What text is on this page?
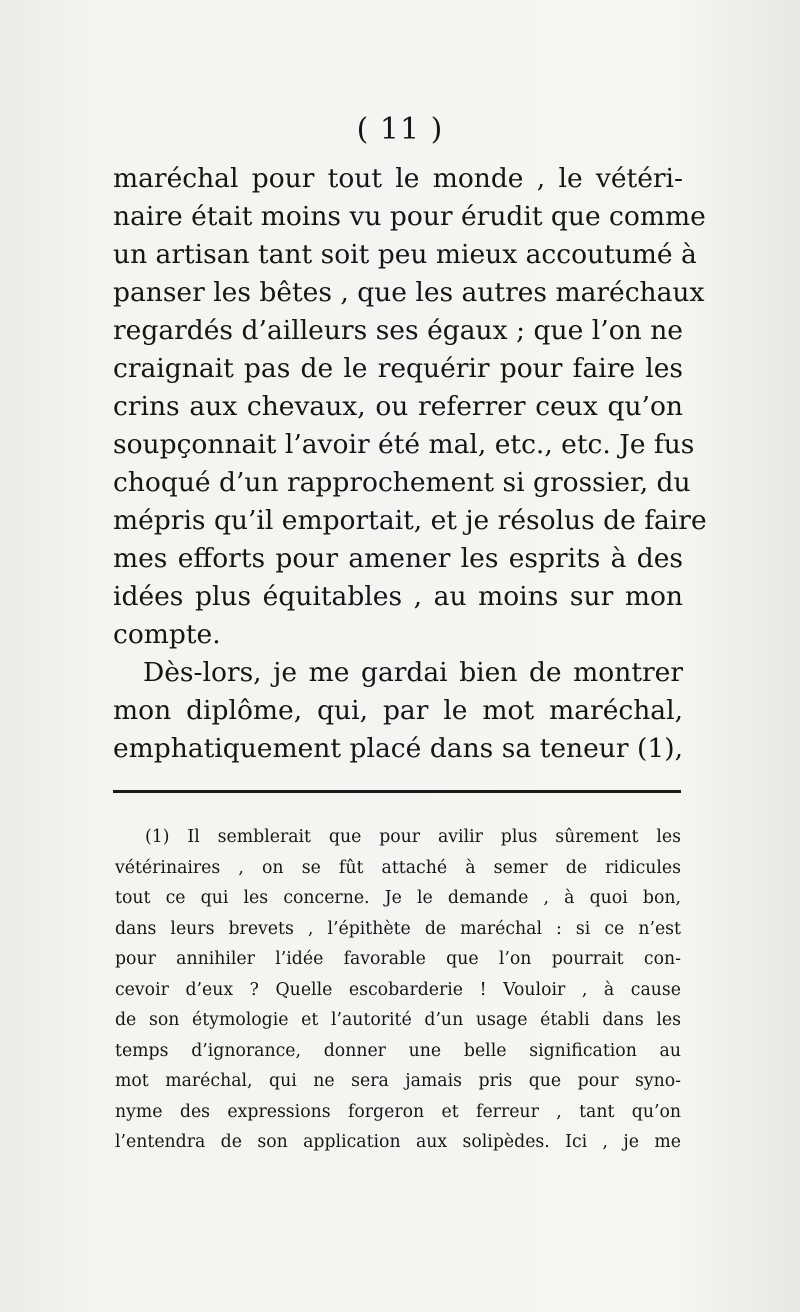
( 11 )
maréchal pour tout le monde , le vétéri-
naire était moins vu pour érudit que comme
un artisan tant soit peu mieux accoutumé à
panser les bêtes , que les autres maréchaux
regardés d’ailleurs ses égaux ; que l’on ne
craignait pas de le requérir pour faire les
crins aux chevaux, ou referrer ceux qu’on
soupçonnait l’avoir été mal, etc., etc. Je fus
choqué d’un rapprochement si grossier, du
mépris qu’il emportait, et je résolus de faire
mes efforts pour amener les esprits à des
idées plus équitables , au moins sur mon
compte.
Dès-lors, je me gardai bien de montrer
mon diplôme, qui, par le mot maréchal,
emphatiquement placé dans sa teneur (1),
(1) Il semblerait que pour avilir plus sûrement les
vétérinaires , on se fût attaché à semer de ridicules
tout ce qui les concerne. Je le demande , à quoi bon,
dans leurs brevets , l’épithète de maréchal : si ce n’est
pour annihiler l’idée favorable que l’on pourrait con-
cevoir d’eux ? Quelle escobarderie ! Vouloir , à cause
de son étymologie et l’autorité d’un usage établi dans les
temps d’ignorance, donner une belle signification au
mot maréchal, qui ne sera jamais pris que pour syno-
nyme des expressions forgeron et ferreur , tant qu’on
l’entendra de son application aux solipèdes. Ici , je me
